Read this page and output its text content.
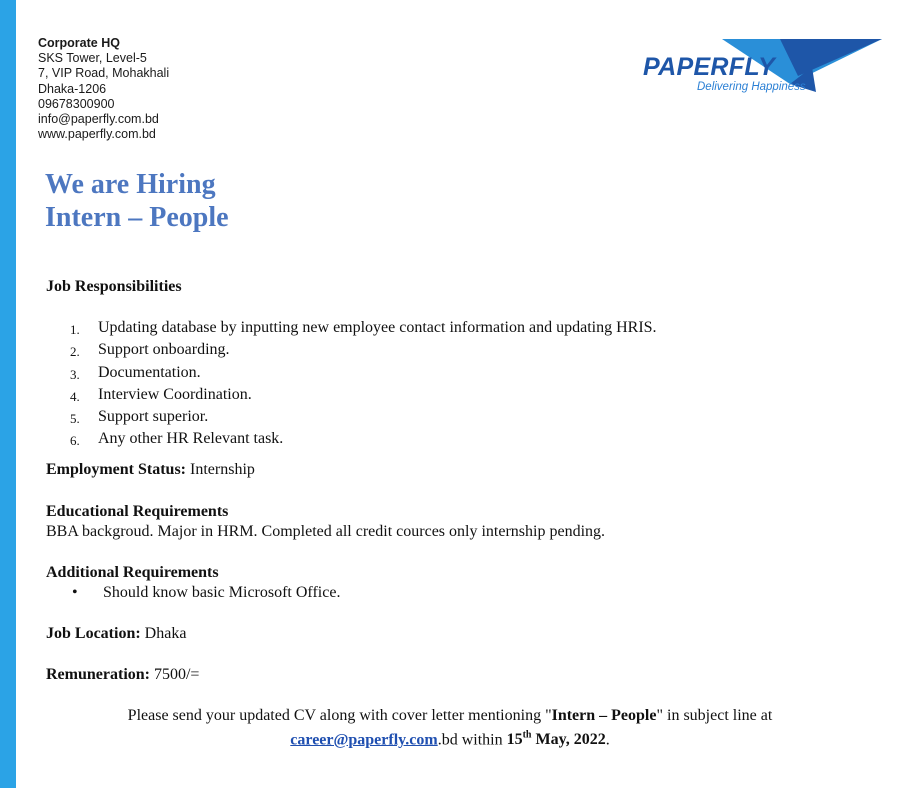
Corporate HQ
SKS Tower, Level-5
7, VIP Road, Mohakhali
Dhaka-1206
09678300900
info@paperfly.com.bd
www.paperfly.com.bd
PAPERFLY
Delivering Happiness
We are Hiring
Intern – People
Job Responsibilities
1.	Updating database by inputting new employee contact information and updating HRIS.
2.	Support onboarding.
3.	Documentation.
4.	Interview Coordination.
5.	Support superior.
6.	Any other HR Relevant task.
Employment Status: Internship
Educational Requirements
BBA backgroud. Major in HRM. Completed all credit cources only internship pending.
Additional Requirements
•	Should know basic Microsoft Office.
Job Location: Dhaka
Remuneration: 7500/=
Please send your updated CV along with cover letter mentioning "Intern – People" in subject line at
career@paperfly.com.bd within 15th May, 2022.
